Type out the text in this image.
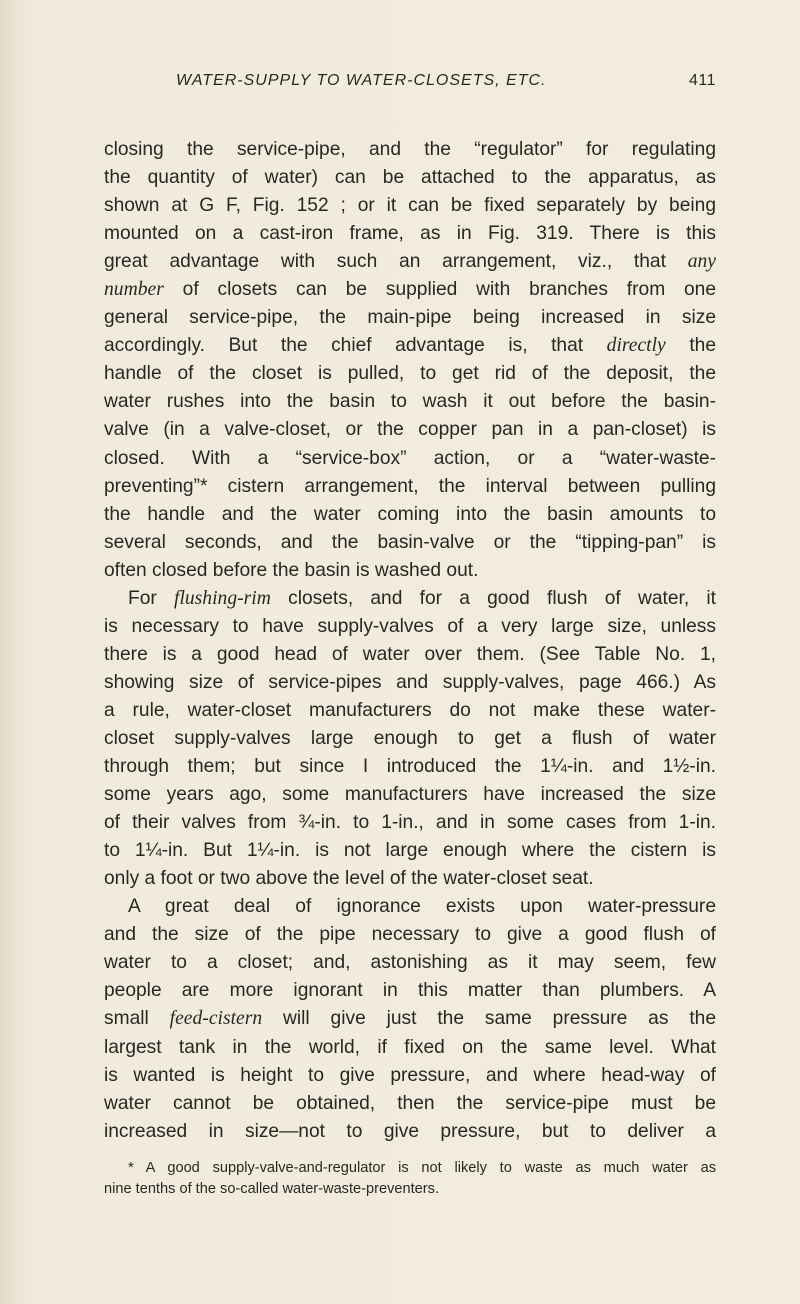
WATER-SUPPLY TO WATER-CLOSETS, ETC.	411
closing the service-pipe, and the “regulator” for regulating
the quantity of water) can be attached to the apparatus, as
shown at G F, Fig. 152 ; or it can be fixed separately by being
mounted on a cast-iron frame, as in Fig. 319. There is this
great advantage with such an arrangement, viz., that any
number of closets can be supplied with branches from one
general service-pipe, the main-pipe being increased in size
accordingly. But the chief advantage is, that directly the
handle of the closet is pulled, to get rid of the deposit, the
water rushes into the basin to wash it out before the basin-
valve (in a valve-closet, or the copper pan in a pan-closet) is
closed. With a “service-box” action, or a “water-waste-
preventing”* cistern arrangement, the interval between pulling
the handle and the water coming into the basin amounts to
several seconds, and the basin-valve or the “tipping-pan” is
often closed before the basin is washed out.
For flushing-rim closets, and for a good flush of water, it
is necessary to have supply-valves of a very large size, unless
there is a good head of water over them. (See Table No. 1,
showing size of service-pipes and supply-valves, page 466.) As
a rule, water-closet manufacturers do not make these water-
closet supply-valves large enough to get a flush of water
through them; but since I introduced the 1¼-in. and 1½-in.
some years ago, some manufacturers have increased the size
of their valves from ¾-in. to 1-in., and in some cases from 1-in.
to 1¼-in. But 1¼-in. is not large enough where the cistern is
only a foot or two above the level of the water-closet seat.
A great deal of ignorance exists upon water-pressure
and the size of the pipe necessary to give a good flush of
water to a closet; and, astonishing as it may seem, few
people are more ignorant in this matter than plumbers. A
small feed-cistern will give just the same pressure as the
largest tank in the world, if fixed on the same level. What
is wanted is height to give pressure, and where head-way of
water cannot be obtained, then the service-pipe must be
increased in size—not to give pressure, but to deliver a
* A good supply-valve-and-regulator is not likely to waste as much water as
nine tenths of the so-called water-waste-preventers.
